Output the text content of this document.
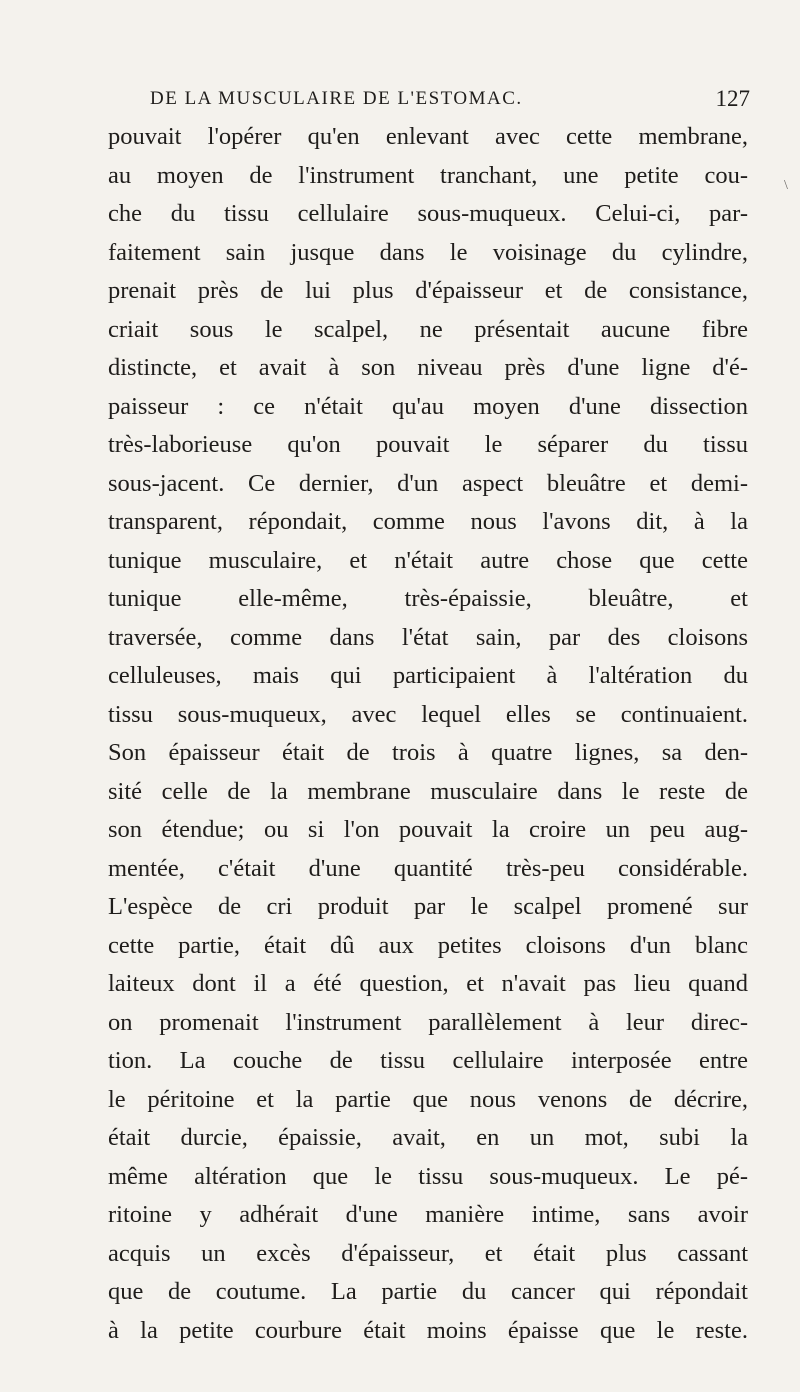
DE LA MUSCULAIRE DE L'ESTOMAC.	127
\
pouvait l'opérer qu'en enlevant avec cette membrane,
au moyen de l'instrument tranchant, une petite cou-
che du tissu cellulaire sous-muqueux. Celui-ci, par-
faitement sain jusque dans le voisinage du cylindre,
prenait près de lui plus d'épaisseur et de consistance,
criait sous le scalpel, ne présentait aucune fibre
distincte, et avait à son niveau près d'une ligne d'é-
paisseur : ce n'était qu'au moyen d'une dissection
très-laborieuse qu'on pouvait le séparer du tissu
sous-jacent. Ce dernier, d'un aspect bleuâtre et demi-
transparent, répondait, comme nous l'avons dit, à la
tunique musculaire, et n'était autre chose que cette
tunique elle-même, très-épaissie, bleuâtre, et
traversée, comme dans l'état sain, par des cloisons
celluleuses, mais qui participaient à l'altération du
tissu sous-muqueux, avec lequel elles se continuaient.
Son épaisseur était de trois à quatre lignes, sa den-
sité celle de la membrane musculaire dans le reste de
son étendue; ou si l'on pouvait la croire un peu aug-
mentée, c'était d'une quantité très-peu considérable.
L'espèce de cri produit par le scalpel promené sur
cette partie, était dû aux petites cloisons d'un blanc
laiteux dont il a été question, et n'avait pas lieu quand
on promenait l'instrument parallèlement à leur direc-
tion. La couche de tissu cellulaire interposée entre
le péritoine et la partie que nous venons de décrire,
était durcie, épaissie, avait, en un mot, subi la
même altération que le tissu sous-muqueux. Le pé-
ritoine y adhérait d'une manière intime, sans avoir
acquis un excès d'épaisseur, et était plus cassant
que de coutume. La partie du cancer qui répondait
à la petite courbure était moins épaisse que le reste.
